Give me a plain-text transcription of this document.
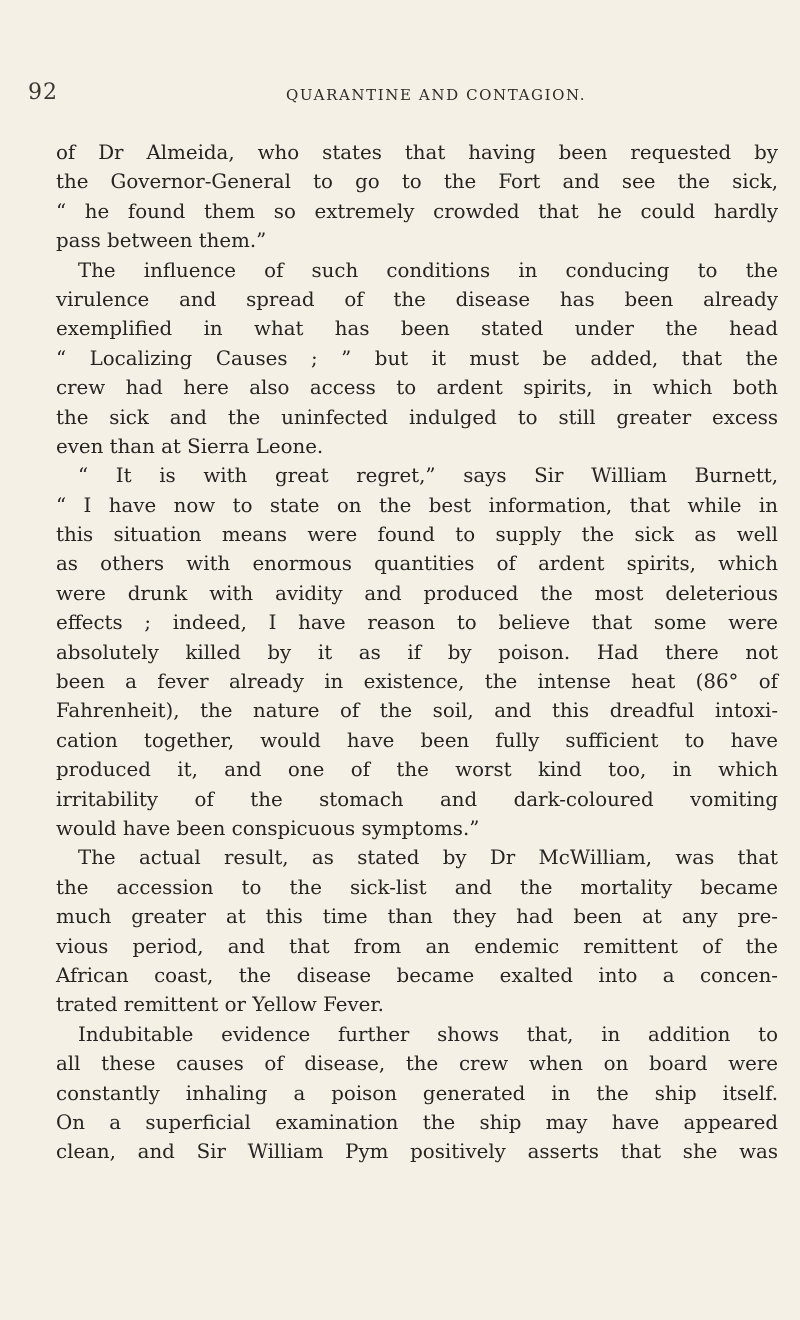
92	QUARANTINE AND CONTAGION.
of Dr Almeida, who states that having been requested by
the Governor-General to go to the Fort and see the sick,
“ he found them so extremely crowded that he could hardly
pass between them.”
The influence of such conditions in conducing to the
virulence and spread of the disease has been already
exemplified in what has been stated under the head
“ Localizing Causes ; ” but it must be added, that the
crew had here also access to ardent spirits, in which both
the sick and the uninfected indulged to still greater excess
even than at Sierra Leone.
“ It is with great regret,” says Sir William Burnett,
“ I have now to state on the best information, that while in
this situation means were found to supply the sick as well
as others with enormous quantities of ardent spirits, which
were drunk with avidity and produced the most deleterious
effects ; indeed, I have reason to believe that some were
absolutely killed by it as if by poison. Had there not
been a fever already in existence, the intense heat (86° of
Fahrenheit), the nature of the soil, and this dreadful intoxi-
cation together, would have been fully sufficient to have
produced it, and one of the worst kind too, in which
irritability of the stomach and dark-coloured vomiting
would have been conspicuous symptoms.”
The actual result, as stated by Dr McWilliam, was that
the accession to the sick-list and the mortality became
much greater at this time than they had been at any pre-
vious period, and that from an endemic remittent of the
African coast, the disease became exalted into a concen-
trated remittent or Yellow Fever.
Indubitable evidence further shows that, in addition to
all these causes of disease, the crew when on board were
constantly inhaling a poison generated in the ship itself.
On a superficial examination the ship may have appeared
clean, and Sir William Pym positively asserts that she was
